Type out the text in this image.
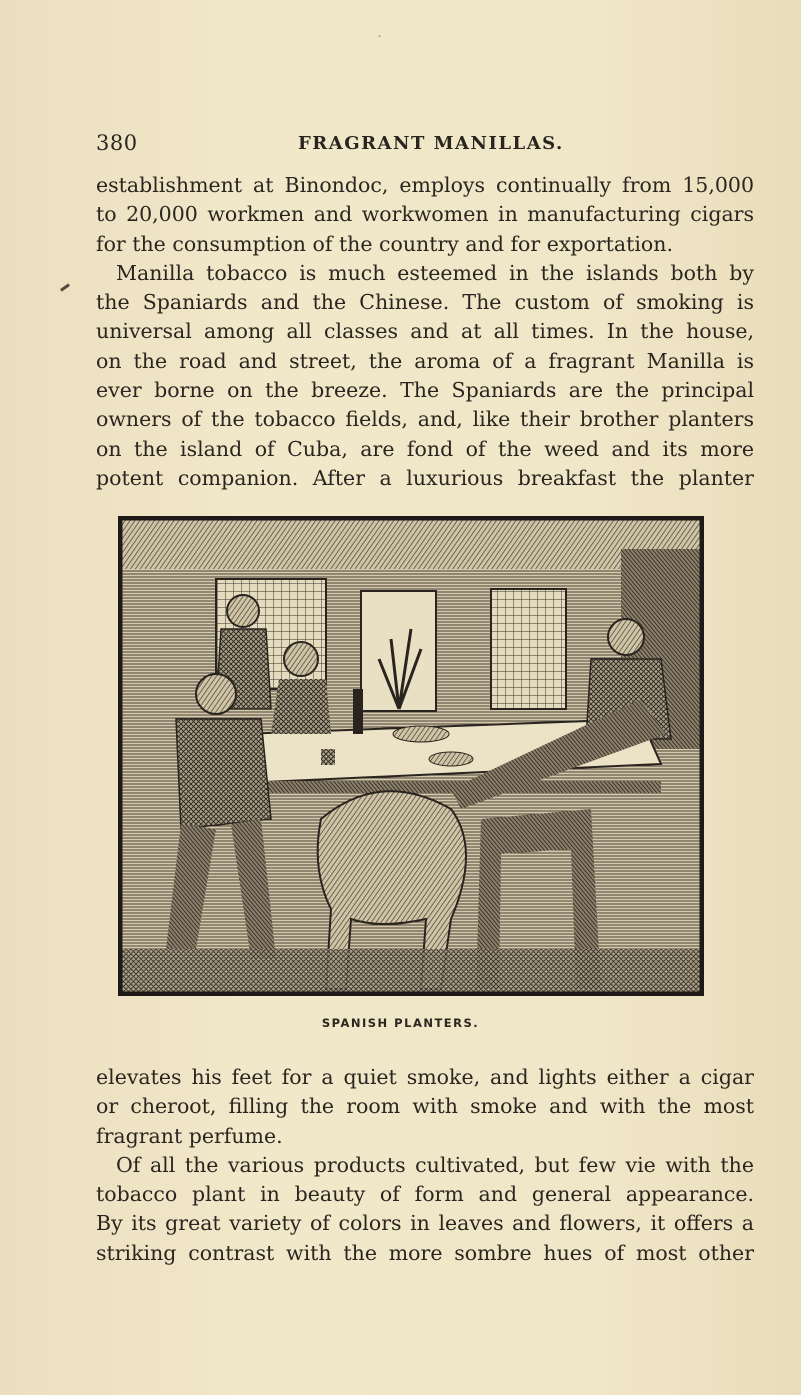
-
380	FRAGRANT MANILLAS.

establishment at Binondoc, employs continually from 15,000

to 20,000 workmen and workwomen in manufacturing cigars

for the consumption of the country and for exportation.

Manilla tobacco is much esteemed in the islands both by

the Spaniards and the Chinese. The custom of smoking is

universal among all classes and at all times. In the house,

on the road and street, the aroma of a fragrant Manilla is

ever borne on the breeze. The Spaniards are the principal

owners of the tobacco fields, and, like their brother planters

on the island of Cuba, are fond of the weed and its more

potent companion. After a luxurious breakfast the planter

SPANISH PLANTERS.

elevates his feet for a quiet smoke, and lights either a cigar

or cheroot, filling the room with smoke and with the most

fragrant perfume.

Of all the various products cultivated, but few vie with the

tobacco plant in beauty of form and general appearance.

By its great variety of colors in leaves and flowers, it offers a

striking contrast with the more sombre hues of most other
